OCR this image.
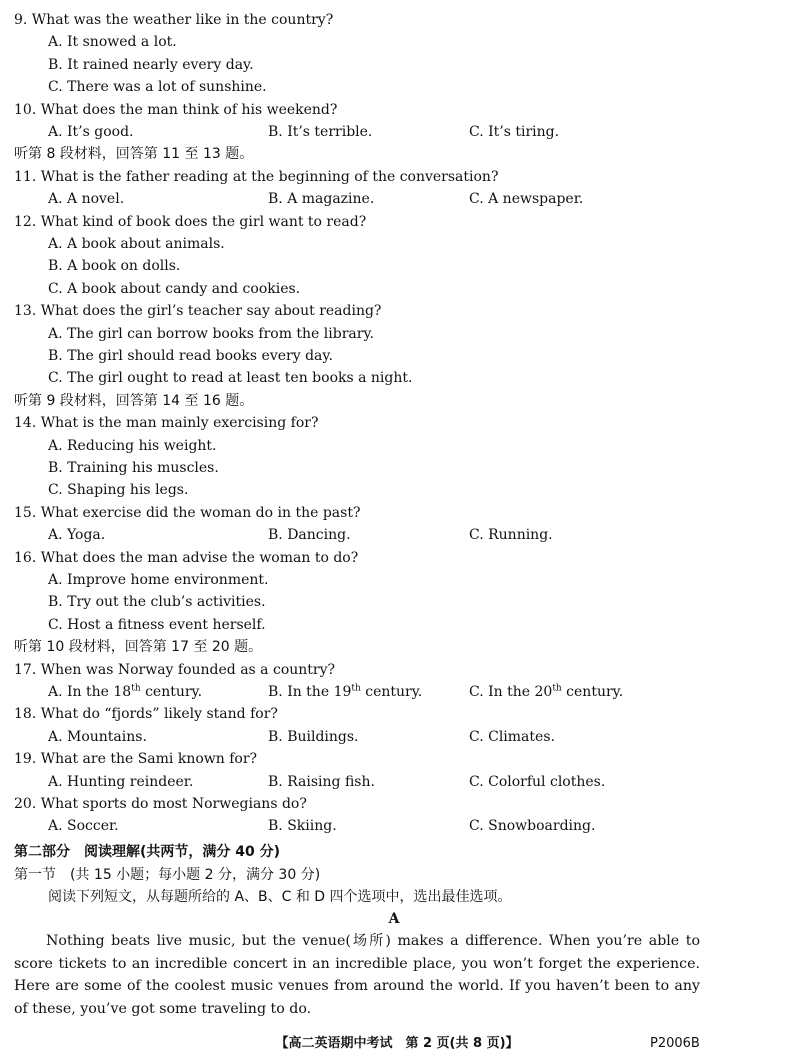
9. What was the weather like in the country?
A. It snowed a lot.
B. It rained nearly every day.
C. There was a lot of sunshine.
10. What does the man think of his weekend?
A. It’s good.	B. It’s terrible.	C. It’s tiring.
听第 8 段材料，回答第 11 至 13 题。
11. What is the father reading at the beginning of the conversation?
A. A novel.	B. A magazine.	C. A newspaper.
12. What kind of book does the girl want to read?
A. A book about animals.
B. A book on dolls.
C. A book about candy and cookies.
13. What does the girl’s teacher say about reading?
A. The girl can borrow books from the library.
B. The girl should read books every day.
C. The girl ought to read at least ten books a night.
听第 9 段材料，回答第 14 至 16 题。
14. What is the man mainly exercising for?
A. Reducing his weight.
B. Training his muscles.
C. Shaping his legs.
15. What exercise did the woman do in the past?
A. Yoga.	B. Dancing.	C. Running.
16. What does the man advise the woman to do?
A. Improve home environment.
B. Try out the club’s activities.
C. Host a fitness event herself.
听第 10 段材料，回答第 17 至 20 题。
17. When was Norway founded as a country?
A. In the 18th century.	B. In the 19th century.	C. In the 20th century.
18. What do “fjords” likely stand for?
A. Mountains.	B. Buildings.	C. Climates.
19. What are the Sami known for?
A. Hunting reindeer.	B. Raising fish.	C. Colorful clothes.
20. What sports do most Norwegians do?
A. Soccer.	B. Skiing.	C. Snowboarding.
第二部分　阅读理解(共两节，满分 40 分)
第一节　(共 15 小题；每小题 2 分，满分 30 分)
阅读下列短文，从每题所给的 A、B、C 和 D 四个选项中，选出最佳选项。
A
Nothing beats live music, but the venue(场所) makes a difference. When you’re able to score tickets to an incredible concert in an incredible place, you won’t forget the experience. Here are some of the coolest music venues from around the world. If you haven’t been to any of these, you’ve got some traveling to do.
【高二英语期中考试　第 2 页(共 8 页)】	P2006B
